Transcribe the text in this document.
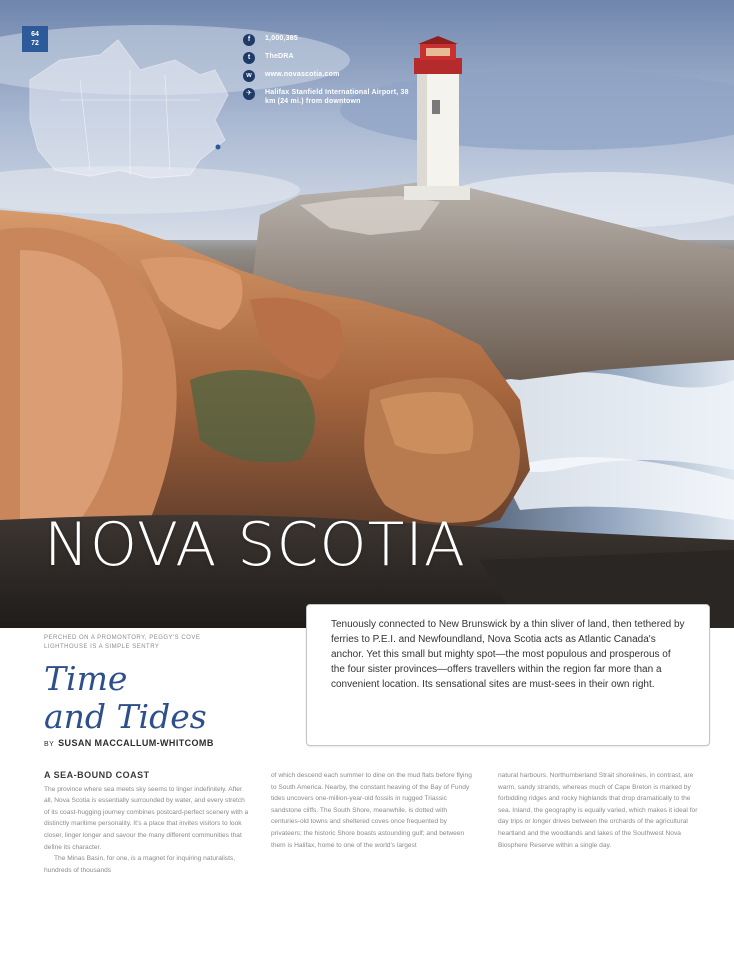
64
72
f	1,000,385
t	TheDRA
w	www.novascotia.com
✈	Halifax Stanfield International Airport, 38 km (24 mi.) from downtown
NOVA SCOTIA
PERCHED ON A PROMONTORY, PEGGY'S COVE
LIGHTHOUSE IS A SIMPLE SENTRY
Time
and Tides
BY SUSAN MACCALLUM-WHITCOMB

Tenuously connected to New Brunswick by a thin sliver of land, then tethered by ferries to P.E.I. and Newfoundland, Nova Scotia acts as Atlantic Canada's anchor. Yet this small but mighty spot—the most populous and prosperous of the four sister provinces—offers travellers within the region far more than a convenient location. Its sensational sites are must-sees in their own right.

A SEA-BOUND COAST

The province where sea meets sky seems to linger indefinitely. After all, Nova Scotia is essentially surrounded by water, and every stretch of its coast-hugging journey combines postcard-perfect scenery with a distinctly maritime personality. It's a place that invites visitors to look closer, linger longer and savour the many different communities that define its character.

The Minas Basin, for one, is a magnet for inquiring naturalists, hundreds of thousands

of which descend each summer to dine on the mud flats before flying to South America. Nearby, the constant heaving of the Bay of Fundy tides uncovers one-million-year-old fossils in rugged Triassic sandstone cliffs. The South Shore, meanwhile, is dotted with centuries-old towns and sheltered coves once frequented by privateers; the historic Shore boasts astounding gulf; and between them is Halifax, home to one of the world's largest

natural harbours. Northumberland Strait shorelines, in contrast, are warm, sandy strands, whereas much of Cape Breton is marked by forbidding ridges and rocky highlands that drop dramatically to the sea. Inland, the geography is equally varied, which makes it ideal for day trips or longer drives between the orchards of the agricultural heartland and the woodlands and lakes of the Southwest Nova Biosphere Reserve within a single day.
